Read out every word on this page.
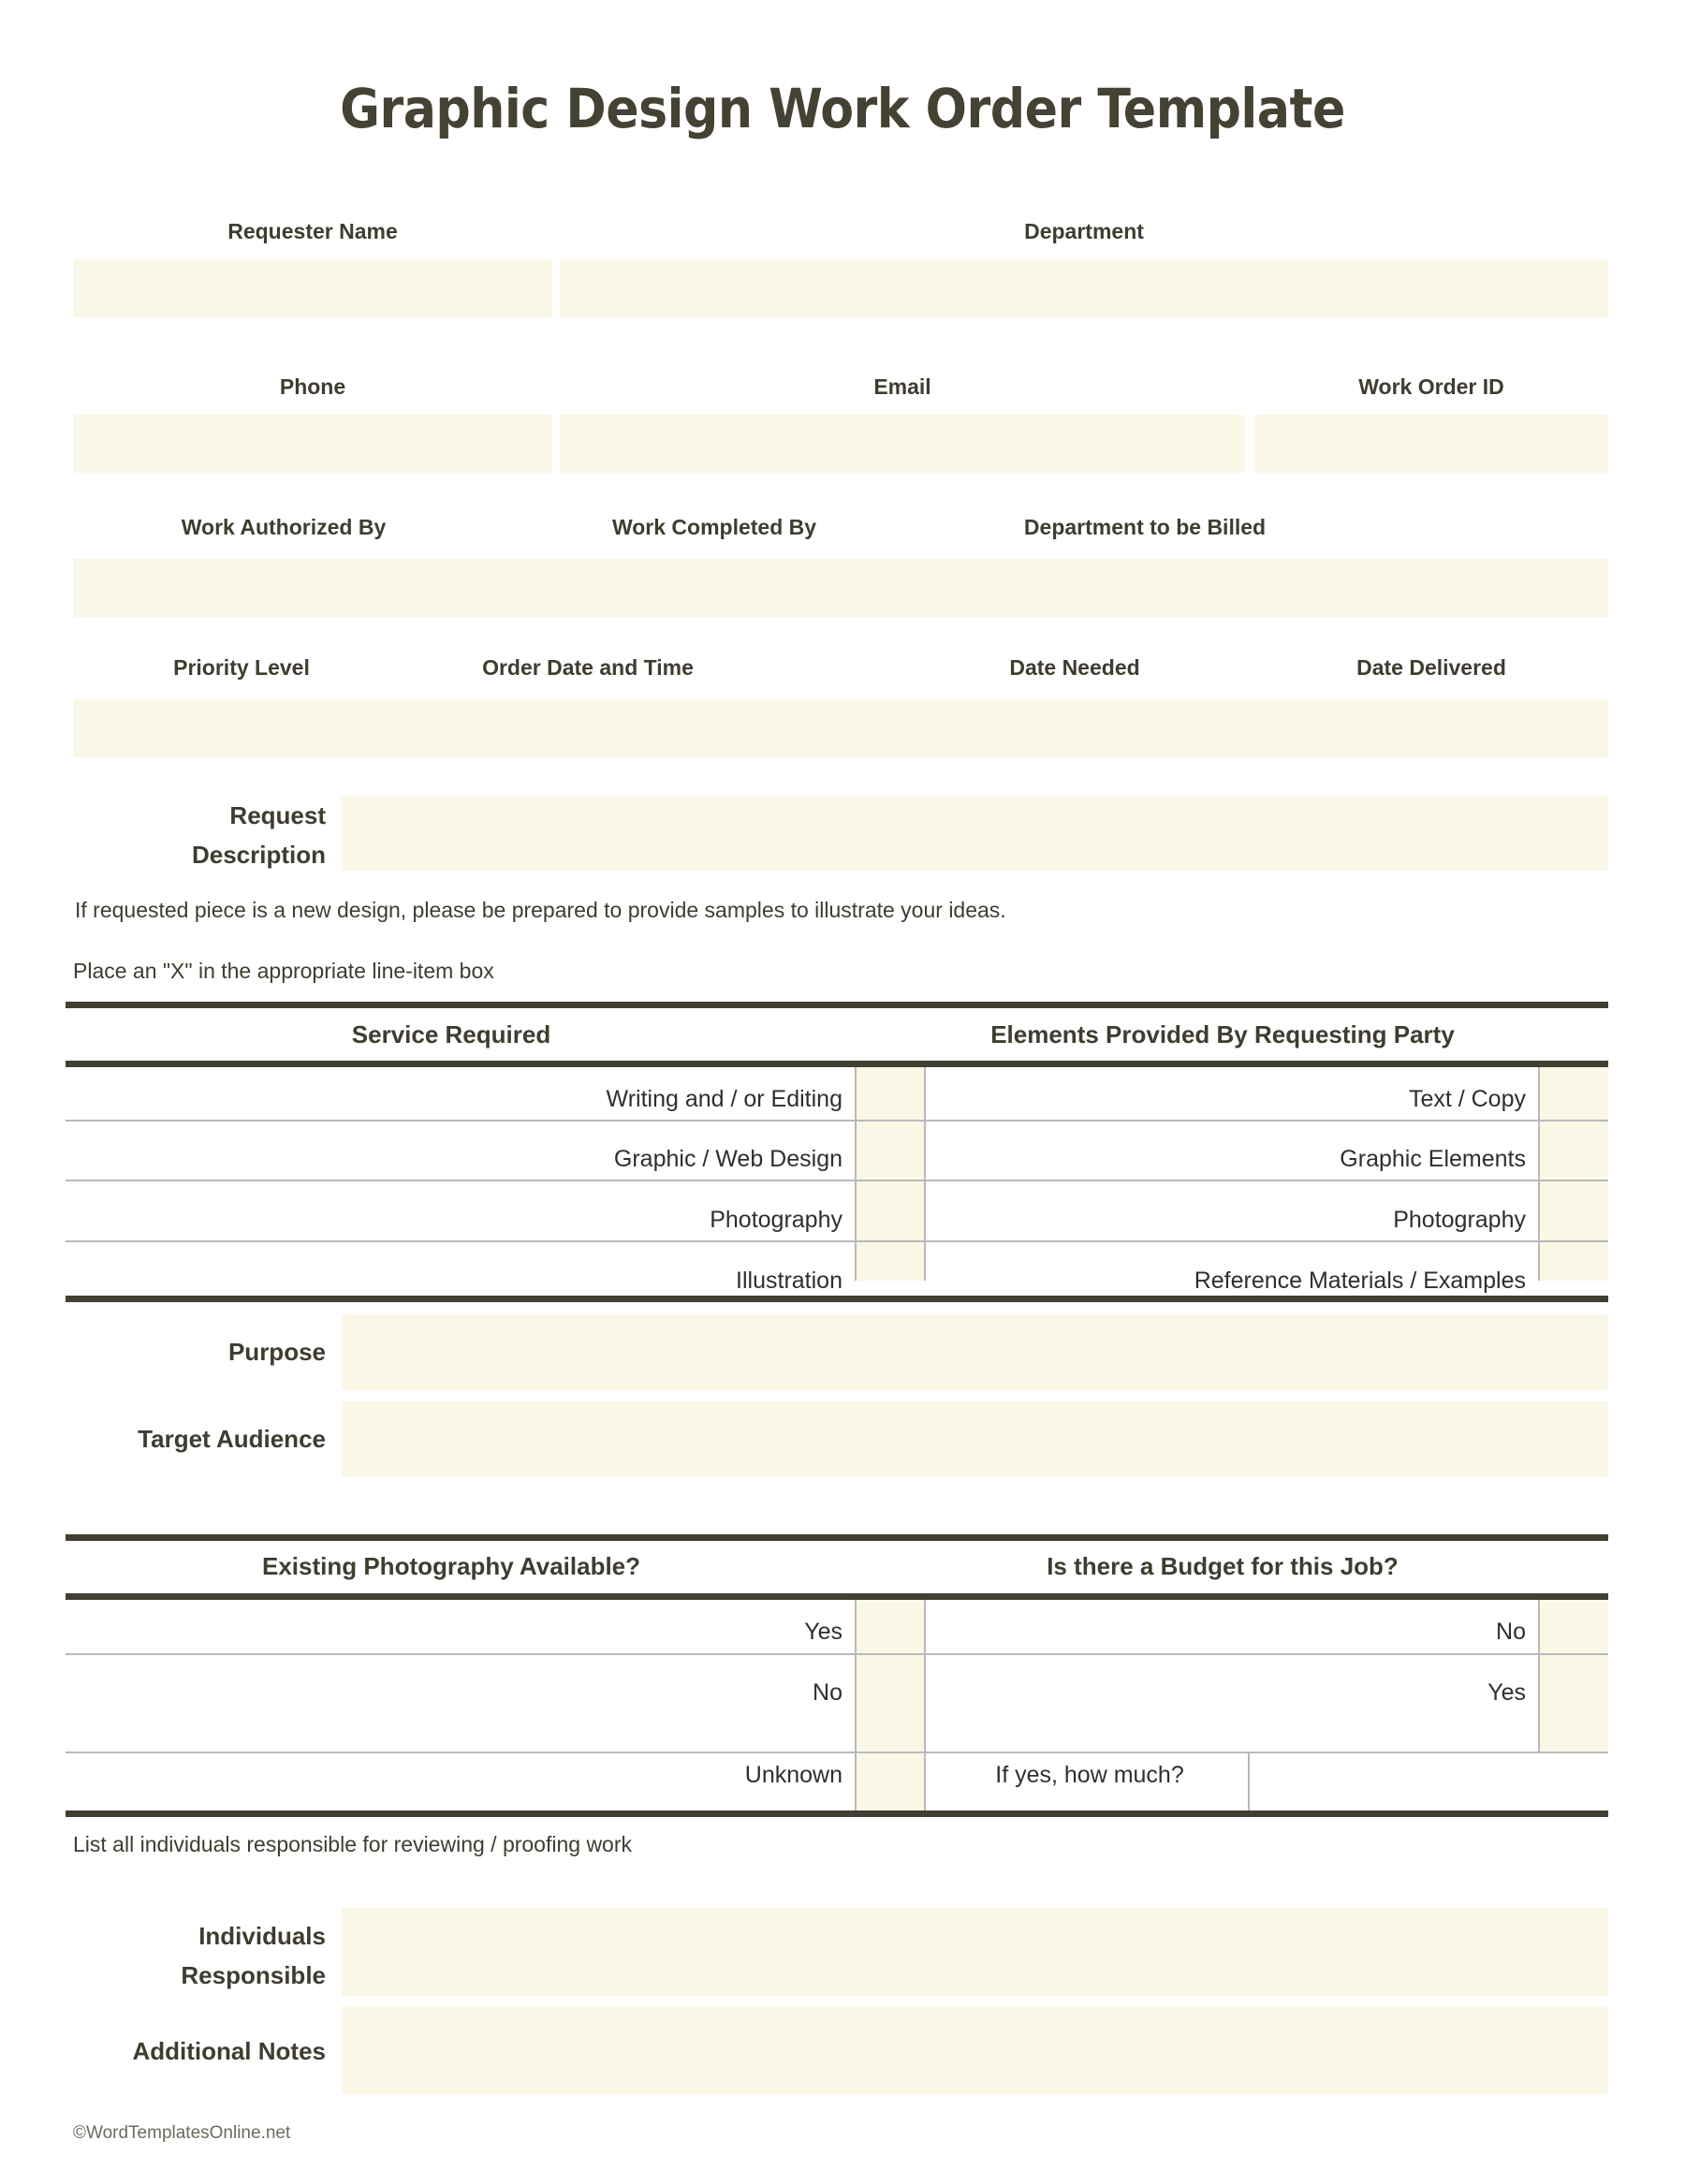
Graphic Design Work Order Template
Requester Name	Department
Phone	Email	Work Order ID
Work Authorized By	Work Completed By	Department to be Billed
Priority Level	Order Date and Time	Date Needed	Date Delivered
Request
Description
If requested piece is a new design, please be prepared to provide samples to illustrate your ideas.
Place an "X" in the appropriate line-item box
Service Required	Elements Provided By Requesting Party
Writing and / or Editing	Text / Copy
Graphic / Web Design	Graphic Elements
Photography	Photography
Illustration	Reference Materials / Examples
Purpose
Target Audience
Existing Photography Available?	Is there a Budget for this Job?
Yes	No
No	Yes
Unknown	If yes, how much?
List all individuals responsible for reviewing / proofing work
Individuals
Responsible
Additional Notes
©WordTemplatesOnline.net
